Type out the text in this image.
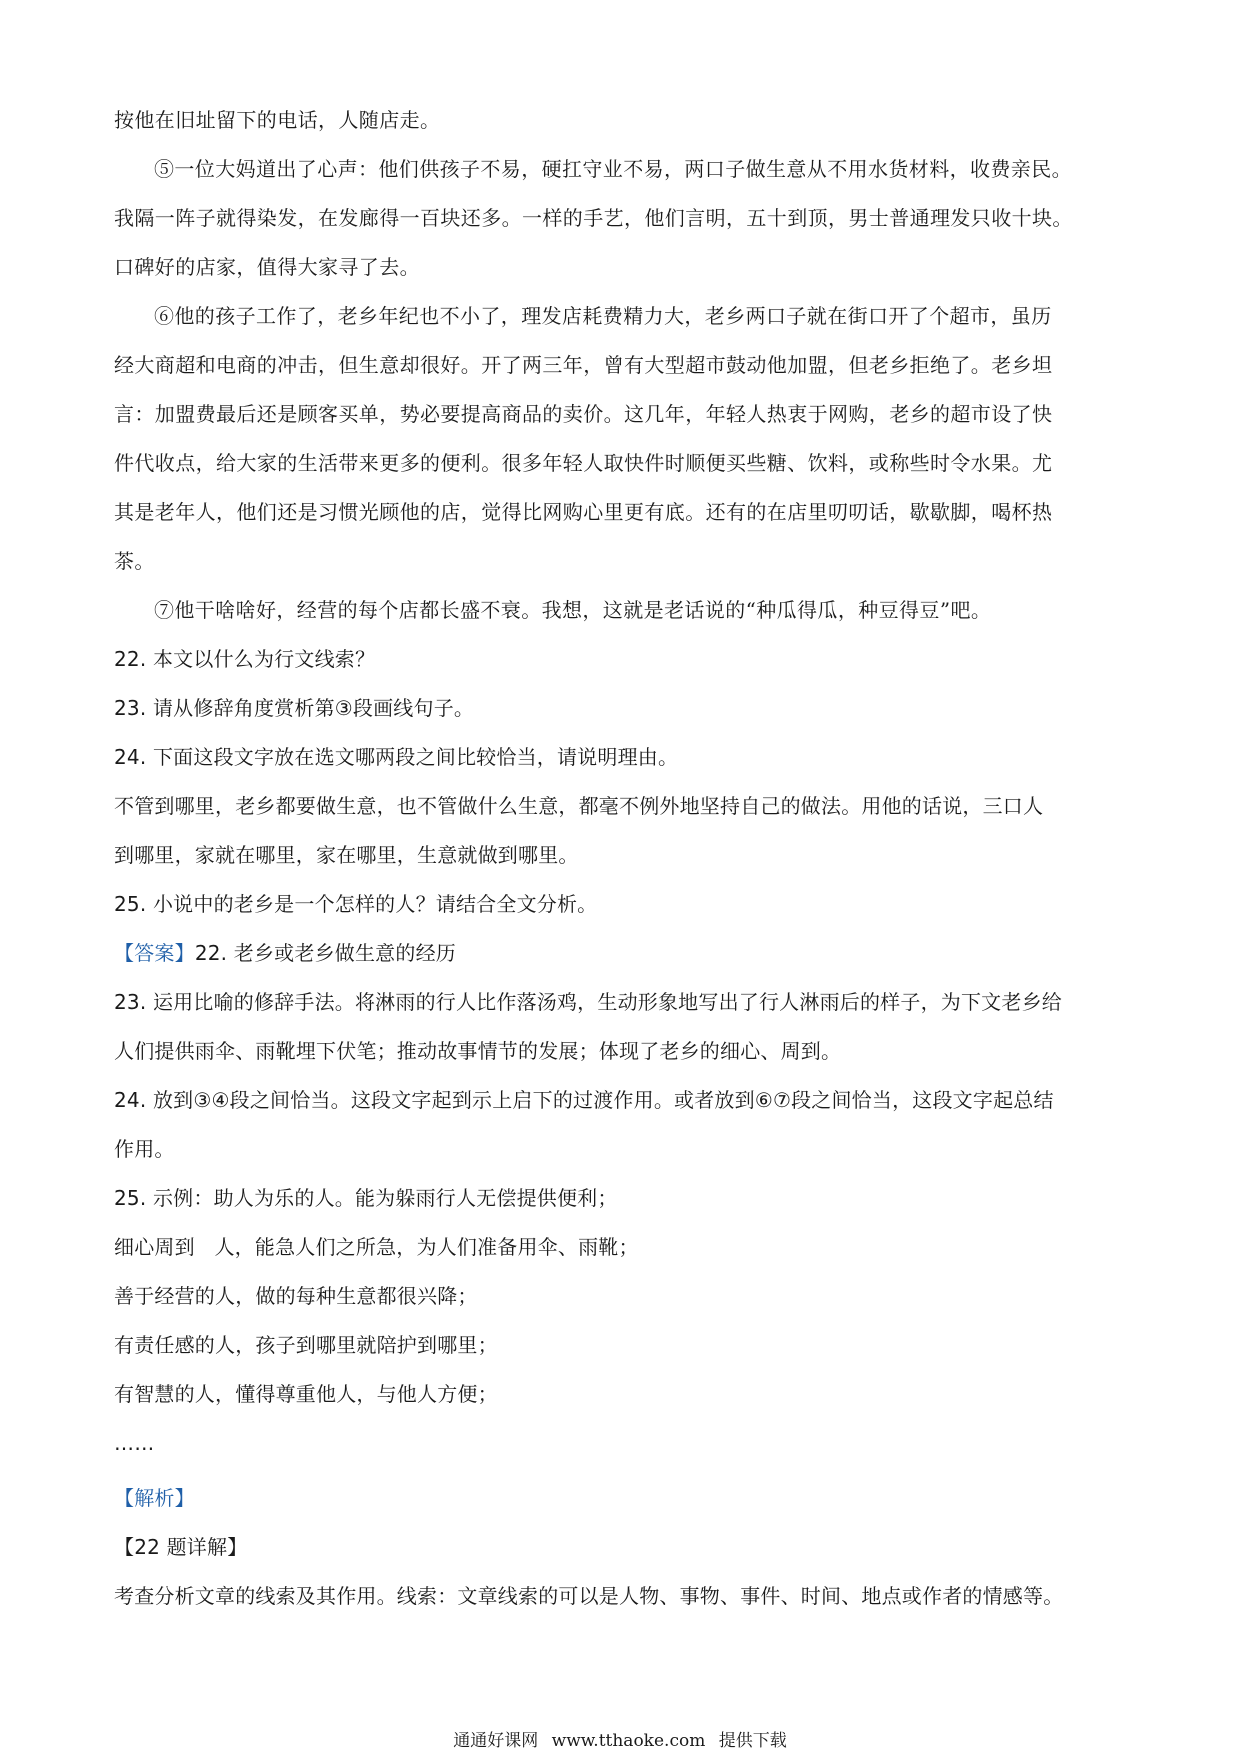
按他在旧址留下的电话，人随店走。
⑤一位大妈道出了心声：他们供孩子不易，硬扛守业不易，两口子做生意从不用水货材料，收费亲民。
我隔一阵子就得染发，在发廊得一百块还多。一样的手艺，他们言明，五十到顶，男士普通理发只收十块。
口碑好的店家，值得大家寻了去。
⑥他的孩子工作了，老乡年纪也不小了，理发店耗费精力大，老乡两口子就在街口开了个超市，虽历
经大商超和电商的冲击，但生意却很好。开了两三年，曾有大型超市鼓动他加盟，但老乡拒绝了。老乡坦
言：加盟费最后还是顾客买单，势必要提高商品的卖价。这几年，年轻人热衷于网购，老乡的超市设了快
件代收点，给大家的生活带来更多的便利。很多年轻人取快件时顺便买些糖、饮料，或称些时令水果。尤
其是老年人，他们还是习惯光顾他的店，觉得比网购心里更有底。还有的在店里叨叨话，歇歇脚，喝杯热
茶。
⑦他干啥啥好，经营的每个店都长盛不衰。我想，这就是老话说的“种瓜得瓜，种豆得豆”吧。
22. 本文以什么为行文线索？
23. 请从修辞角度赏析第③段画线句子。
24. 下面这段文字放在选文哪两段之间比较恰当，请说明理由。
不管到哪里，老乡都要做生意，也不管做什么生意，都毫不例外地坚持自己的做法。用他的话说，三口人
到哪里，家就在哪里，家在哪里，生意就做到哪里。
25. 小说中的老乡是一个怎样的人？请结合全文分析。
【答案】22. 老乡或老乡做生意的经历
23. 运用比喻的修辞手法。将淋雨的行人比作落汤鸡，生动形象地写出了行人淋雨后的样子，为下文老乡给
人们提供雨伞、雨靴埋下伏笔；推动故事情节的发展；体现了老乡的细心、周到。
24. 放到③④段之间恰当。这段文字起到示上启下的过渡作用。或者放到⑥⑦段之间恰当，这段文字起总结
作用。
25. 示例：助人为乐的人。能为躲雨行人无偿提供便利；
细心周到   人，能急人们之所急，为人们准备用伞、雨靴；
善于经营的人，做的每种生意都很兴降；
有责任感的人，孩子到哪里就陪护到哪里；
有智慧的人，懂得尊重他人，与他人方便；
……
【解析】
【22 题详解】
考查分析文章的线索及其作用。线索：文章线索的可以是人物、事物、事件、时间、地点或作者的情感等。
通通好课网 www.tthaoke.com 提供下载
